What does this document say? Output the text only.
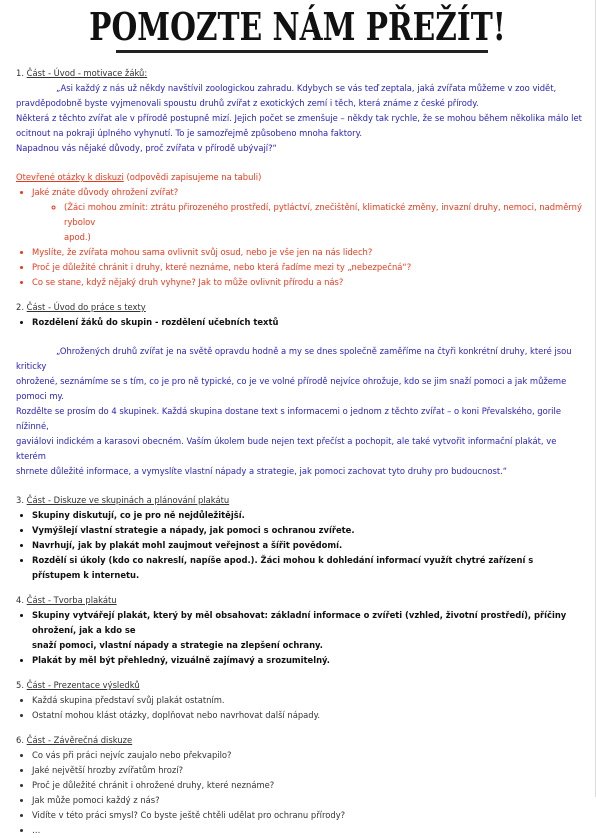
POMOZTE NÁM PŘEŽÍT!

1. Část - Úvod - motivace žáků:

„Asi každý z nás už někdy navštívil zoologickou zahradu. Kdybych se vás teď zeptala, jaká zvířata můžeme v zoo vidět,
pravděpodobně byste vyjmenovali spoustu druhů zvířat z exotických zemí i těch, která známe z české přírody.
Některá z těchto zvířat ale v přírodě postupně mizí. Jejich počet se zmenšuje – někdy tak rychle, že se mohou během několika málo let
ocitnout na pokraji úplného vyhynutí. To je samozřejmě způsobeno mnoha faktory.
Napadnou vás nějaké důvody, proč zvířata v přírodě ubývají?“

Otevřené otázky k diskuzi (odpovědi zapisujeme na tabuli)

• Jaké znáte důvody ohrožení zvířat?
◦ (Žáci mohou zmínit: ztrátu přirozeného prostředí, pytláctví, znečištění, klimatické změny, invazní druhy, nemoci, nadměrný rybolov
apod.)
• Myslíte, že zvířata mohou sama ovlivnit svůj osud, nebo je vše jen na nás lidech?
• Proč je důležité chránit i druhy, které neznáme, nebo která řadíme mezi ty „nebezpečná“?
• Co se stane, když nějaký druh vyhyne? Jak to může ovlivnit přírodu a nás?

2. Část - Úvod do práce s texty

• Rozdělení žáků do skupin - rozdělení učebních textů
„Ohrožených druhů zvířat je na světě opravdu hodně a my se dnes společně zaměříme na čtyři konkrétní druhy, které jsou kriticky
ohrožené, seznámíme se s tím, co je pro ně typické, co je ve volné přírodě nejvíce ohrožuje, kdo se jim snaží pomoci a jak můžeme pomoci my.
Rozdělte se prosím do 4 skupinek. Každá skupina dostane text s informacemi o jednom z těchto zvířat – o koni Převalského, gorile nížinné,
gaviálovi indickém a karasovi obecném. Vaším úkolem bude nejen text přečíst a pochopit, ale také vytvořit informační plakát, ve kterém
shrnete důležité informace, a vymyslíte vlastní nápady a strategie, jak pomoci zachovat tyto druhy pro budoucnost.“

3. Část - Diskuze ve skupinách a plánování plakátu

• Skupiny diskutují, co je pro ně nejdůležitější.
• Vymýšlejí vlastní strategie a nápady, jak pomoci s ochranou zvířete.
• Navrhují, jak by plakát mohl zaujmout veřejnost a šířit povědomí.
• Rozdělí si úkoly (kdo co nakreslí, napíše apod.). Žáci mohou k dohledání informací využít chytré zařízení s přístupem k internetu.

4. Část - Tvorba plakátu

• Skupiny vytvářejí plakát, který by měl obsahovat: základní informace o zvířeti (vzhled, životní prostředí), příčiny ohrožení, jak a kdo se
snaží pomoci, vlastní nápady a strategie na zlepšení ochrany.
• Plakát by měl být přehledný, vizuálně zajímavý a srozumitelný.

5. Část - Prezentace výsledků

• Každá skupina představí svůj plakát ostatním.
• Ostatní mohou klást otázky, doplňovat nebo navrhovat další nápady.

6. Část - Závěrečná diskuze

• Co vás při práci nejvíc zaujalo nebo překvapilo?
• Jaké největší hrozby zvířatům hrozí?
• Proč je důležité chránit i ohrožené druhy, které neznáme?
• Jak může pomoci každý z nás?
• Vidíte v této práci smysl? Co byste ještě chtěli udělat pro ochranu přírody?
• …
